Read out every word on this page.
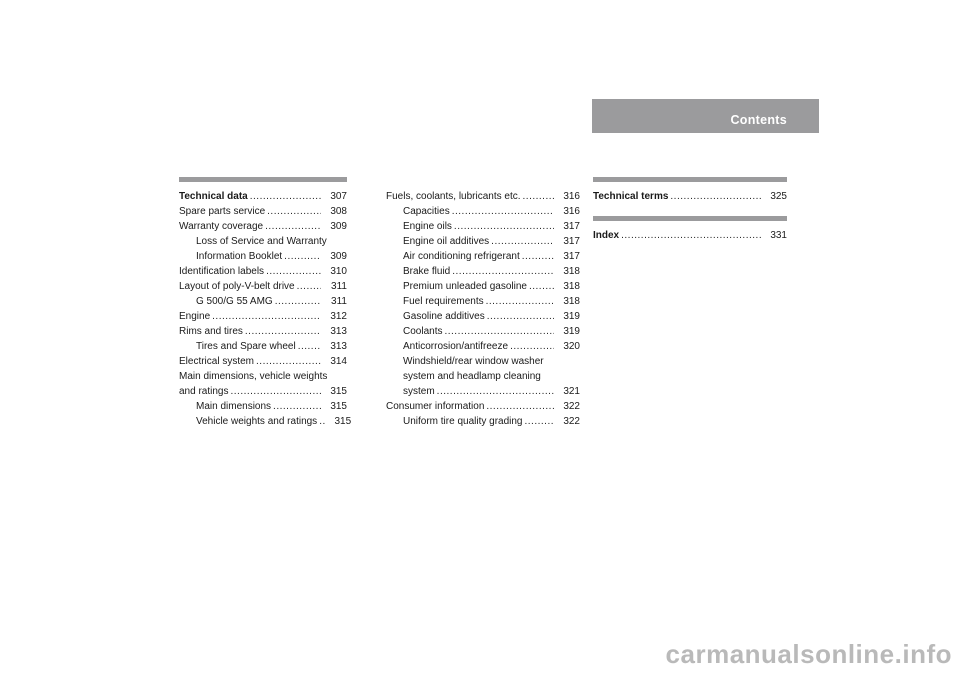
Contents
Technical data .....	307
Spare parts service .....	308
Warranty coverage .....	309
Loss of Service and Warranty
Information Booklet .....	309
Identification labels .....	310
Layout of poly-V-belt drive .....	311
G 500/G 55 AMG .....	311
Engine .....	312
Rims and tires .....	313
Tires and Spare wheel .....	313
Electrical system .....	314
Main dimensions, vehicle weights
and ratings .....	315
Main dimensions .....	315
Vehicle weights and ratings .....	315
Fuels, coolants, lubricants etc. .....	316
Capacities .....	316
Engine oils .....	317
Engine oil additives .....	317
Air conditioning refrigerant .....	317
Brake fluid .....	318
Premium unleaded gasoline .....	318
Fuel requirements .....	318
Gasoline additives .....	319
Coolants .....	319
Anticorrosion/antifreeze .....	320
Windshield/rear window washer
system and headlamp cleaning
system .....	321
Consumer information .....	322
Uniform tire quality grading .....	322
Technical terms .....	325
Index .....	331
carmanualsonline.info
